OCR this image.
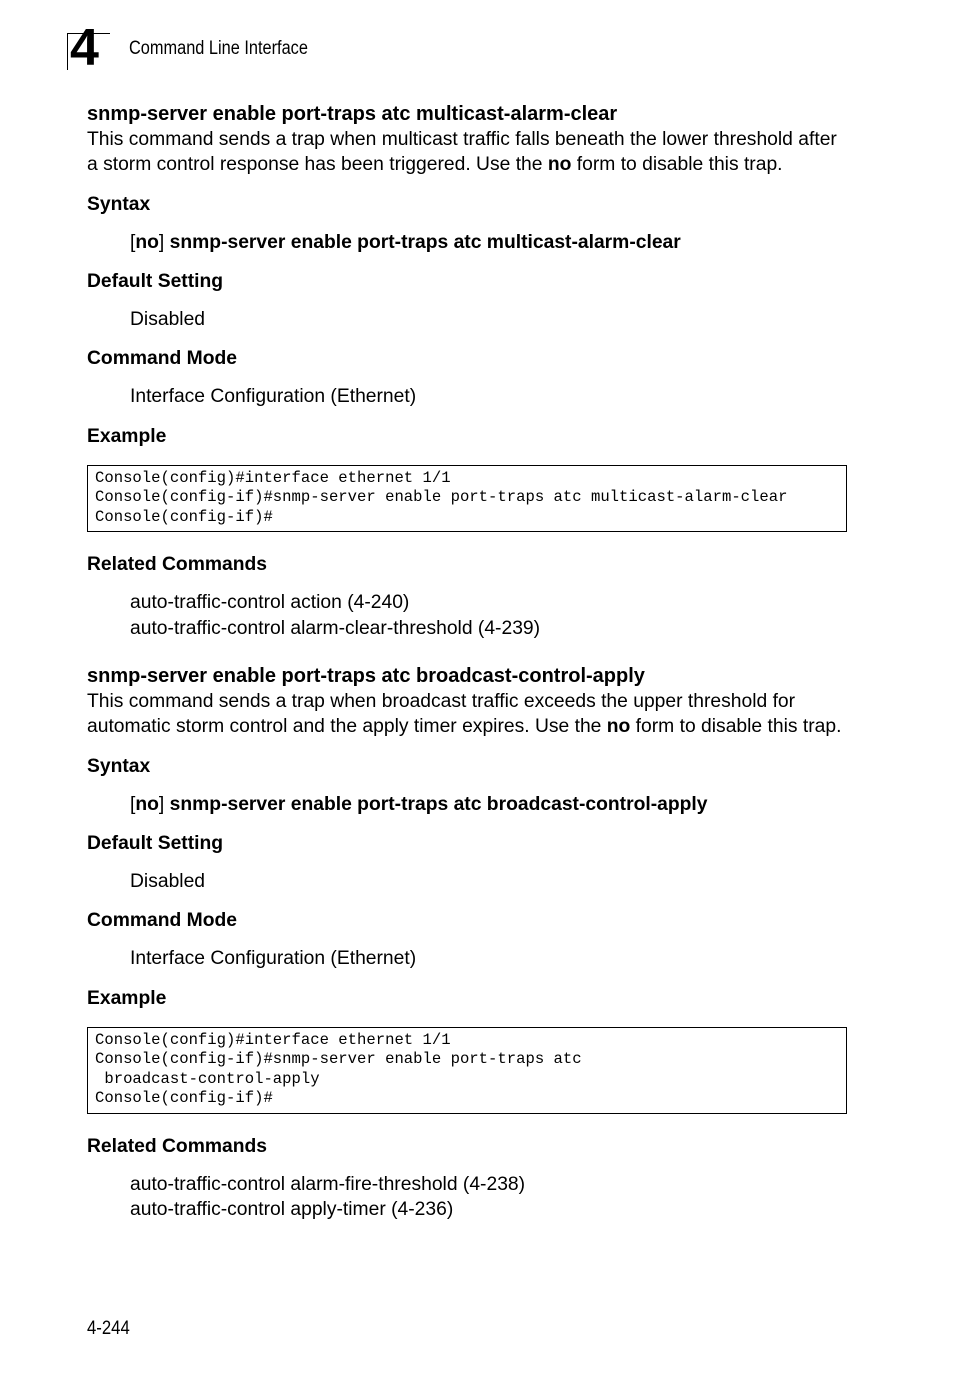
4 Command Line Interface
snmp-server enable port-traps atc multicast-alarm-clear

This command sends a trap when multicast traffic falls beneath the lower threshold after a storm control response has been triggered. Use the no form to disable this trap.

Syntax
[no] snmp-server enable port-traps atc multicast-alarm-clear
Default Setting
Disabled
Command Mode
Interface Configuration (Ethernet)
Example
Console(config)#interface ethernet 1/1
Console(config-if)#snmp-server enable port-traps atc multicast-alarm-clear
Console(config-if)#
Related Commands
auto-traffic-control action (4-240)
auto-traffic-control alarm-clear-threshold (4-239)
snmp-server enable port-traps atc broadcast-control-apply

This command sends a trap when broadcast traffic exceeds the upper threshold for automatic storm control and the apply timer expires. Use the no form to disable this trap.

Syntax
[no] snmp-server enable port-traps atc broadcast-control-apply
Default Setting
Disabled
Command Mode
Interface Configuration (Ethernet)
Example
Console(config)#interface ethernet 1/1
Console(config-if)#snmp-server enable port-traps atc
broadcast-control-apply
Console(config-if)#
Related Commands
auto-traffic-control alarm-fire-threshold (4-238)
auto-traffic-control apply-timer (4-236)
4-244
